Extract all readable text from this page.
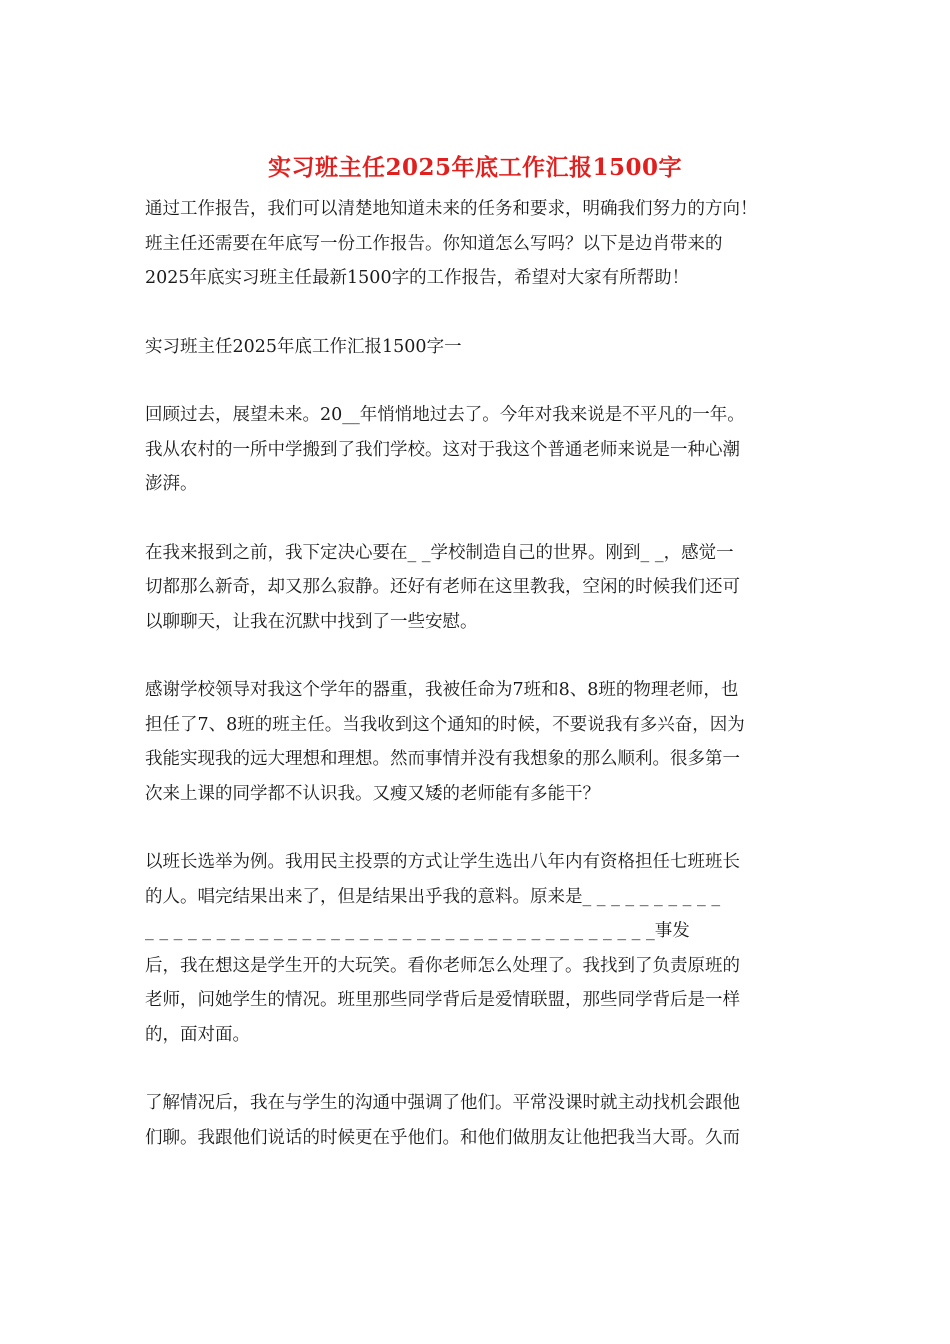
实习班主任2025年底工作汇报1500字

通过工作报告，我们可以清楚地知道未来的任务和要求，明确我们努力的方向！
班主任还需要在年底写一份工作报告。你知道怎么写吗？以下是边肖带来的
2025年底实习班主任最新1500字的工作报告，希望对大家有所帮助！

实习班主任2025年底工作汇报1500字一

回顾过去，展望未来。20__年悄悄地过去了。今年对我来说是不平凡的一年。
我从农村的一所中学搬到了我们学校。这对于我这个普通老师来说是一种心潮
澎湃。

在我来报到之前，我下定决心要在_ _学校制造自己的世界。刚到_ _，感觉一
切都那么新奇，却又那么寂静。还好有老师在这里教我，空闲的时候我们还可
以聊聊天，让我在沉默中找到了一些安慰。

感谢学校领导对我这个学年的器重，我被任命为7班和8、8班的物理老师，也
担任了7、8班的班主任。当我收到这个通知的时候，不要说我有多兴奋，因为
我能实现我的远大理想和理想。然而事情并没有我想象的那么顺利。很多第一
次来上课的同学都不认识我。又瘦又矮的老师能有多能干？

以班长选举为例。我用民主投票的方式让学生选出八年内有资格担任七班班长
的人。唱完结果出来了，但是结果出乎我的意料。原来是_ _ _ _ _ _ _ _ _ _
_ _ _ _ _ _ _ _ _ _ _ _ _ _ _ _ _ _ _ _ _ _ _ _ _ _ _ _ _ _ _ _ _ _ _ _事发
后，我在想这是学生开的大玩笑。看你老师怎么处理了。我找到了负责原班的
老师，问她学生的情况。班里那些同学背后是爱情联盟，那些同学背后是一样
的，面对面。

了解情况后，我在与学生的沟通中强调了他们。平常没课时就主动找机会跟他
们聊。我跟他们说话的时候更在乎他们。和他们做朋友让他把我当大哥。久而
